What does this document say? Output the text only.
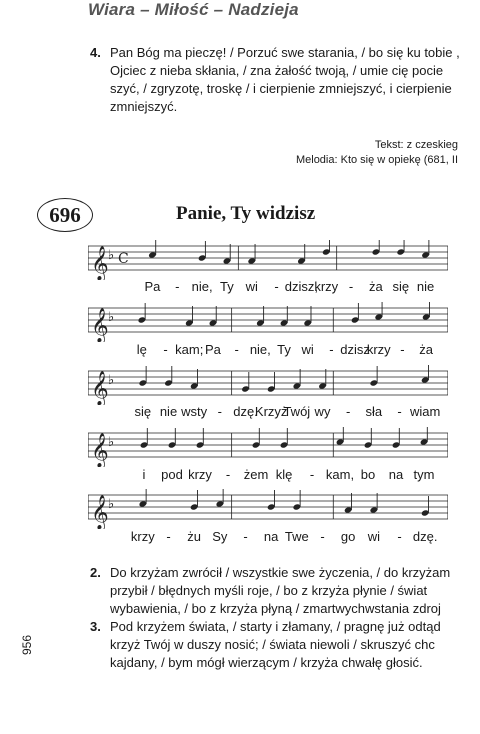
Wiara – Miłość – Nadzieja
4. Pan Bóg ma pieczę! / Porzuć swe starania, / bo się ku tobie ,
Ojciec z nieba skłania, / zna żałość twoją, / umie cię pocie
szyć, / zgryzotę, troskę / i cierpienie zmniejszyć, i cierpienie
zmniejszyć.
Tekst: z czeskieg
Melodia: Kto się w opiekę (681, II
696	Panie, Ty widzisz
𝄞 ♭ C
Pa - nie, Ty wi - dzisz,
krzy - ża się nie
𝄞 ♭
lę - kam; Pa - nie, Ty wi - dzisz
krzy - ża
𝄞 ♭
się nie wsty - dzę.
Krzyż
Twój wy - sła - wiam
𝄞 ♭
i pod krzy - żem klę - kam, bo na tym
𝄞 ♭
krzy - żu Sy - na Twe - go wi - dzę.
2. Do krzyżam zwrócił / wszystkie swe życzenia, / do krzyżam
przybił / błędnych myśli roje, / bo z krzyża płynie / świat
wybawienia, / bo z krzyża płyną / zmartwychwstania zdroj
3. Pod krzyżem świata, / starty i złamany, / pragnę już odtąd
krzyż Twój w duszy nosić; / świata niewoli / skruszyć chc
kajdany, / bym mógł wierzącym / krzyża chwałę głosić.
956
